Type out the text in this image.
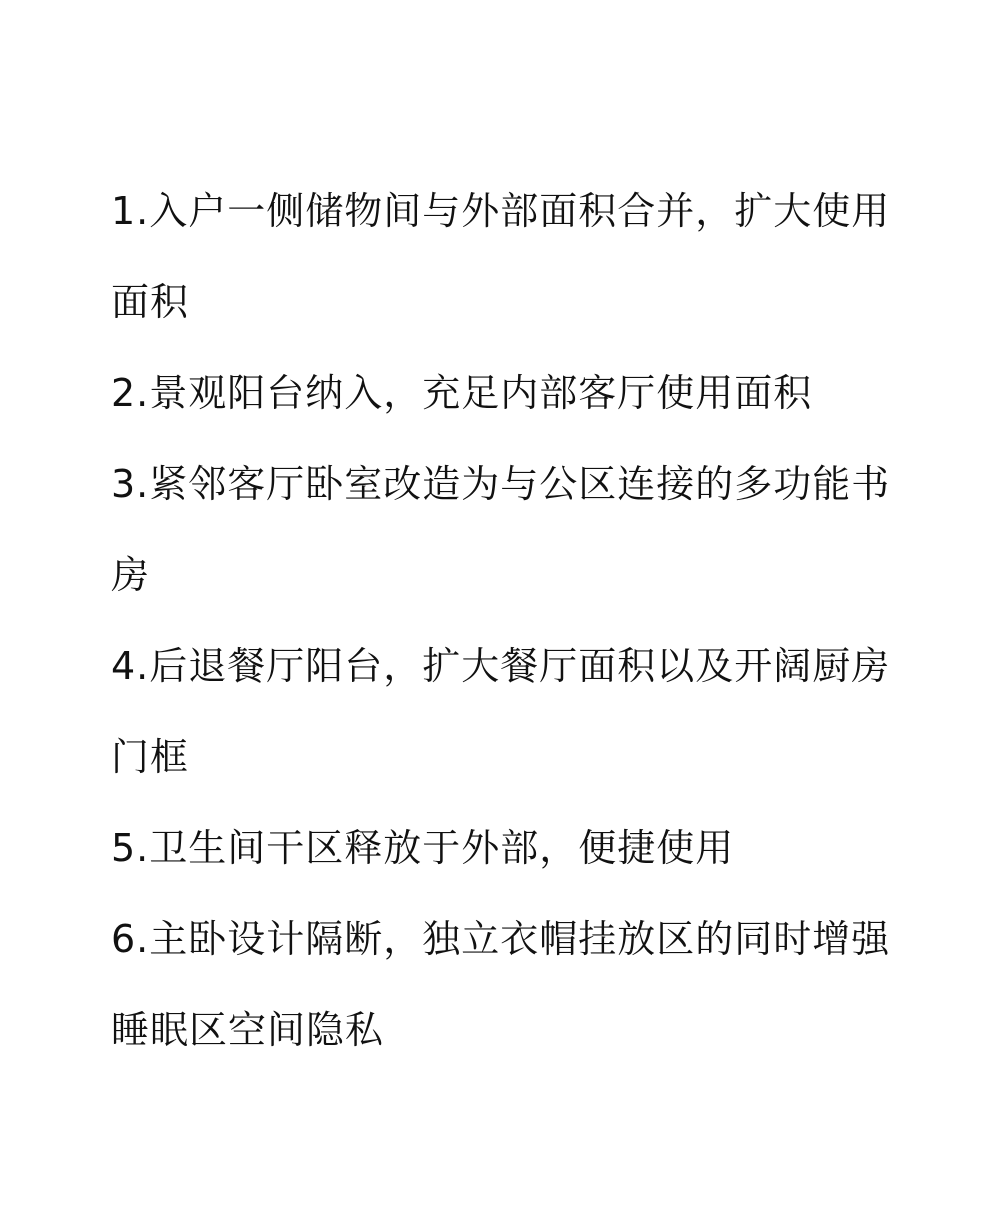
1.入户一侧储物间与外部面积合并，扩大使用面积
2.景观阳台纳入，充足内部客厅使用面积
3.紧邻客厅卧室改造为与公区连接的多功能书房
4.后退餐厅阳台，扩大餐厅面积以及开阔厨房门框
5.卫生间干区释放于外部，便捷使用
6.主卧设计隔断，独立衣帽挂放区的同时增强睡眠区空间隐私
